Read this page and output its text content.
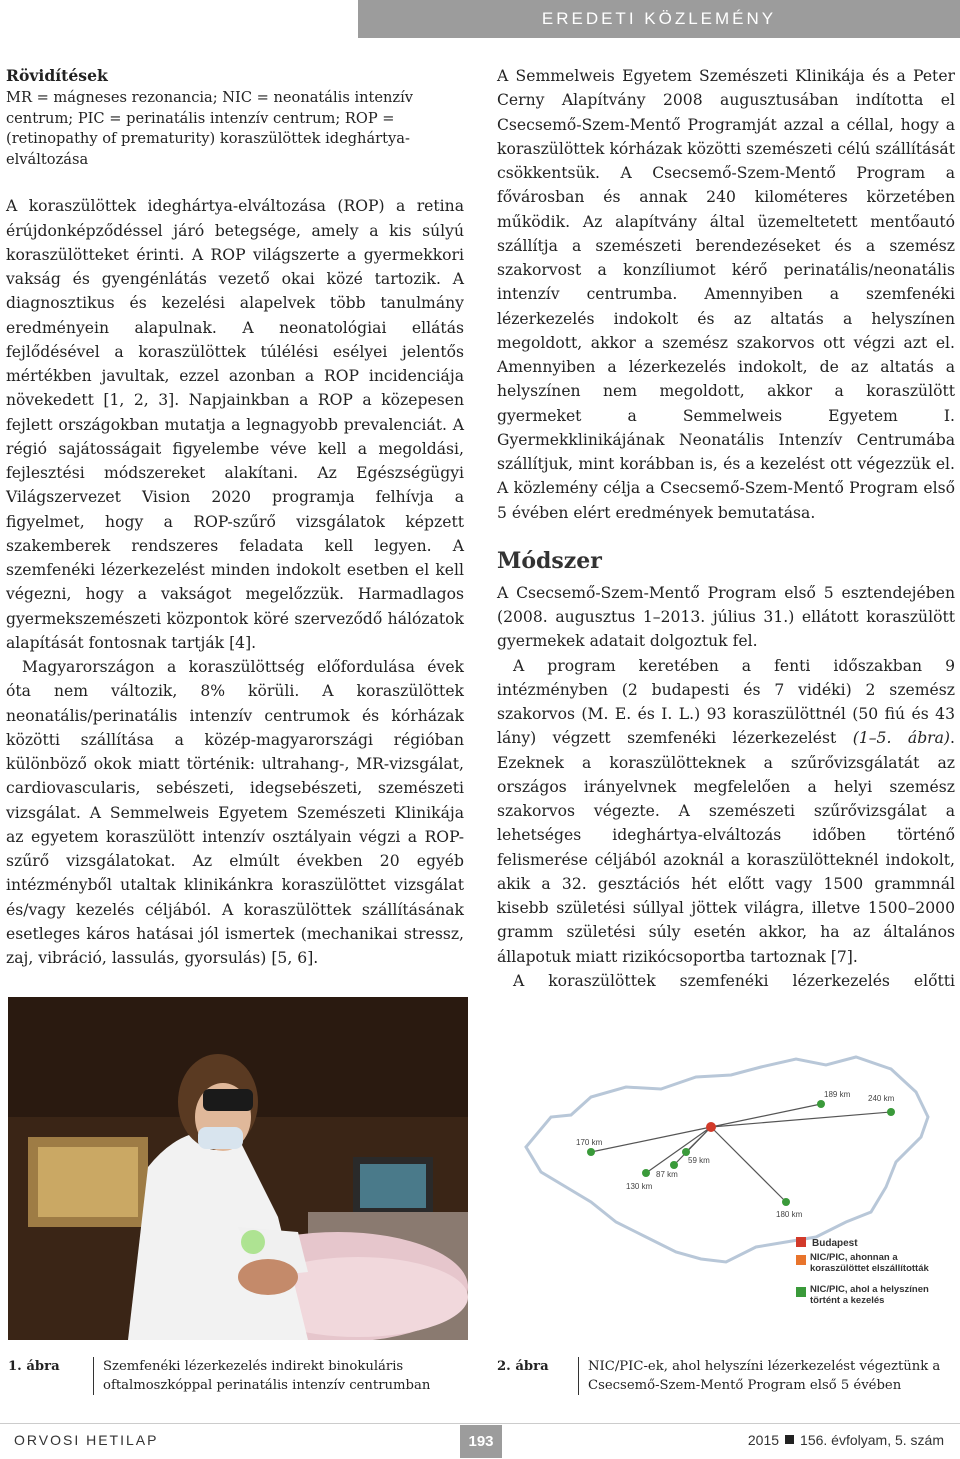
EREDETI KÖZLEMÉNY
Rövidítések
MR = mágneses rezonancia; NIC = neonatális intenzív centrum; PIC = perinatális intenzív centrum; ROP = (retinopathy of prematurity) koraszülöttek ideghártya-elváltozása

A koraszülöttek ideghártya-elváltozása (ROP) a retina érújdonképződéssel járó betegsége, amely a kis súlyú koraszülötteket érinti. A ROP világszerte a gyermekkori vakság és gyengénlátás vezető okai közé tartozik. A diagnosztikus és kezelési alapelvek több tanulmány eredményein alapulnak. A neonatológiai ellátás fejlődésével a koraszülöttek túlélési esélyei jelentős mértékben javultak, ezzel azonban a ROP incidenciája növekedett [1, 2, 3]. Napjainkban a ROP a közepesen fejlett országokban mutatja a legnagyobb prevalenciát. A régió sajátosságait figyelembe véve kell a megoldási, fejlesztési módszereket alakítani. Az Egészségügyi Világszervezet Vision 2020 programja felhívja a figyelmet, hogy a ROP-szűrő vizsgálatok képzett szakemberek rendszeres feladata kell legyen. A szemfenéki lézerkezelést minden indokolt esetben el kell végezni, hogy a vakságot megelőzzük. Harmadlagos gyermekszemészeti központok köré szerveződő hálózatok alapítását fontosnak tartják [4].

Magyarországon a koraszülöttség előfordulása évek óta nem változik, 8% körüli. A koraszülöttek neonatális/perinatális intenzív centrumok és kórházak közötti szállítása a közép-magyarországi régióban különböző okok miatt történik: ultrahang-, MR-vizsgálat, cardiovascularis, sebészeti, idegsebészeti, szemészeti vizsgálat. A Semmelweis Egyetem Szemészeti Klinikája az egyetem koraszülött intenzív osztályain végzi a ROP-szűrő vizsgálatokat. Az elmúlt években 20 egyéb intézményből utaltak klinikánkra koraszülöttet vizsgálat és/vagy kezelés céljából. A koraszülöttek szállításának esetleges káros hatásai jól ismertek (mechanikai stressz, zaj, vibráció, lassulás, gyorsulás) [5, 6].

A Semmelweis Egyetem Szemészeti Klinikája és a Peter Cerny Alapítvány 2008 augusztusában indította el Csecsemő-Szem-Mentő Programját azzal a céllal, hogy a koraszülöttek kórházak közötti szemészeti célú szállítását csökkentsük. A Csecsemő-Szem-Mentő Program a fővárosban és annak 240 kilométeres körzetében működik. Az alapítvány által üzemeltetett mentőautó szállítja a szemészeti berendezéseket és a szemész szakorvost a konzíliumot kérő perinatális/neonatális intenzív centrumba. Amennyiben a szemfenéki lézerkezelés indokolt és az altatás a helyszínen megoldott, akkor a szemész szakorvos ott végzi azt el. Amennyiben a lézerkezelés indokolt, de az altatás a helyszínen nem megoldott, akkor a koraszülött gyermeket a Semmelweis Egyetem I. Gyermekklinikájának Neonatális Intenzív Centrumába szállítjuk, mint korábban is, és a kezelést ott végezzük el. A közlemény célja a Csecsemő-Szem-Mentő Program első 5 évében elért eredmények bemutatása.

Módszer

A Csecsemő-Szem-Mentő Program első 5 esztendejében (2008. augusztus 1–2013. július 31.) ellátott koraszülött gyermekek adatait dolgoztuk fel.

A program keretében a fenti időszakban 9 intézményben (2 budapesti és 7 vidéki) 2 szemész szakorvos (M. E. és I. L.) 93 koraszülöttnél (50 fiú és 43 lány) végzett szemfenéki lézerkezelést (1–5. ábra). Ezeknek a koraszülötteknek a szűrővizsgálatát az országos irányelvnek megfelelően a helyi szemész szakorvos végezte. A szemészeti szűrővizsgálat a lehetséges ideghártya-elváltozás időben történő felismerése céljából azoknál a koraszülötteknél indokolt, akik a 32. gesztációs hét előtt vagy 1500 grammnál kisebb születési súllyal jöttek világra, illetve 1500–2000 gramm születési súly esetén akkor, ha az általános állapotuk miatt rizikócsoportba tartoznak [7].

A koraszülöttek szemfenéki lézerkezelés előtti

189 km 240 km
170 km
130 km
87 km
59 km
180 km
Budapest
NIC/PIC, ahonnan a koraszülöttet elszállították
NIC/PIC, ahol a helyszínen történt a kezelés
1. ábra	Szemfenéki lézerkezelés indirekt binokuláris oftalmoszkóppal perinatális intenzív centrumban
2. ábra	NIC/PIC-ek, ahol helyszíni lézerkezelést végeztünk a Csecsemő-Szem-Mentő Program első 5 évében
ORVOSI HETILAP	193	2015 156. évfolyam, 5. szám
